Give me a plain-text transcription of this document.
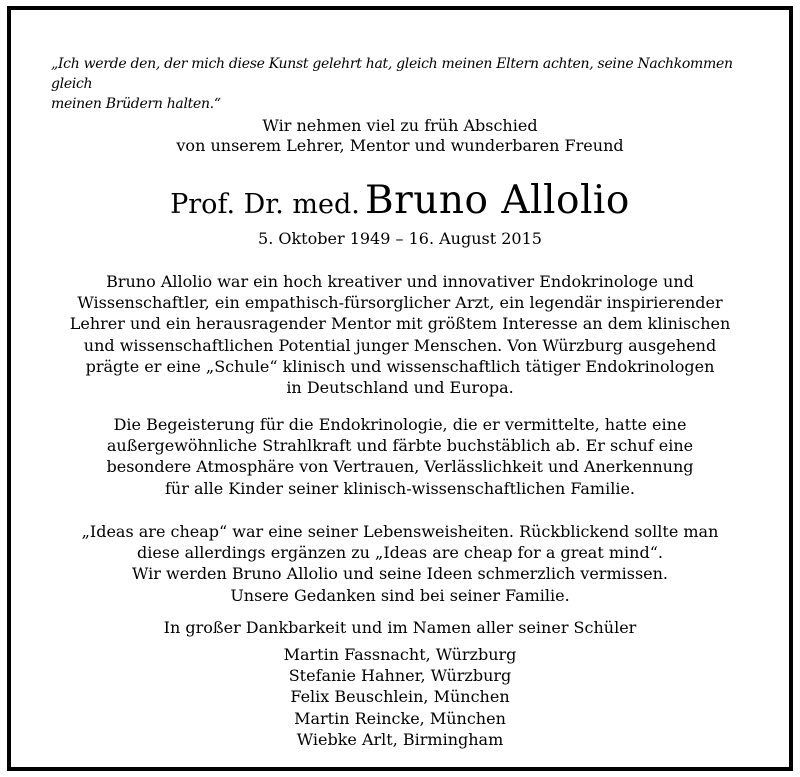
„Ich werde den, der mich diese Kunst gelehrt hat, gleich meinen Eltern achten, seine Nachkommen gleich
meinen Brüdern halten.“
Wir nehmen viel zu früh Abschied
von unserem Lehrer, Mentor und wunderbaren Freund
Prof. Dr. med. Bruno Allolio
5. Oktober 1949 – 16. August 2015
Bruno Allolio war ein hoch kreativer und innovativer Endokrinologe und
Wissenschaftler, ein empathisch-fürsorglicher Arzt, ein legendär inspirierender
Lehrer und ein herausragender Mentor mit größtem Interesse an dem klinischen
und wissenschaftlichen Potential junger Menschen. Von Würzburg ausgehend
prägte er eine „Schule“ klinisch und wissenschaftlich tätiger Endokrinologen
in Deutschland und Europa.
Die Begeisterung für die Endokrinologie, die er vermittelte, hatte eine
außergewöhnliche Strahlkraft und färbte buchstäblich ab. Er schuf eine
besondere Atmosphäre von Vertrauen, Verlässlichkeit und Anerkennung
für alle Kinder seiner klinisch-wissenschaftlichen Familie.
„Ideas are cheap“ war eine seiner Lebensweisheiten. Rückblickend sollte man
diese allerdings ergänzen zu „Ideas are cheap for a great mind“.
Wir werden Bruno Allolio und seine Ideen schmerzlich vermissen.
Unsere Gedanken sind bei seiner Familie.
In großer Dankbarkeit und im Namen aller seiner Schüler
Martin Fassnacht, Würzburg
Stefanie Hahner, Würzburg
Felix Beuschlein, München
Martin Reincke, München
Wiebke Arlt, Birmingham
